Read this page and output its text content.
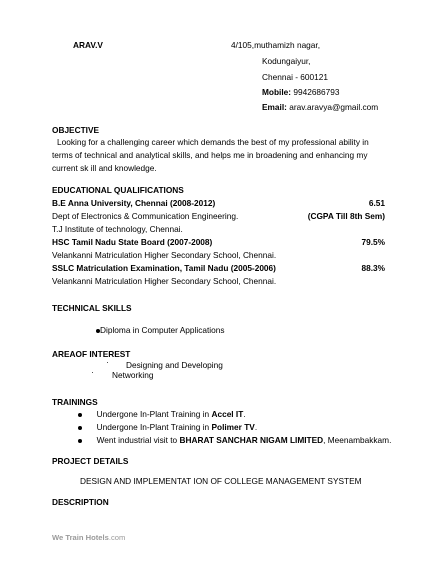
ARAV.V	4/105,muthamizh nagar,
Kodungaiyur,
Chennai - 600121
Mobile: 9942686793
Email: arav.aravya@gmail.com
OBJECTIVE
Looking for a challenging career which demands the best of my professional ability in terms of technical and analytical skills, and helps me in broadening and enhancing my current sk ill and knowledge.
EDUCATIONAL QUALIFICATIONS
B.E Anna University, Chennai (2008-2012)	6.51
Dept of Electronics & Communication Engineering.	(CGPA Till 8th Sem)
T.J Institute of technology, Chennai.
HSC Tamil Nadu State Board (2007-2008)	79.5%
Velankanni Matriculation Higher Secondary School, Chennai.
SSLC Matriculation Examination, Tamil Nadu (2005-2006)	88.3%
Velankanni Matriculation Higher Secondary School, Chennai.
TECHNICAL SKILLS
Diploma in Computer Applications
AREAOF INTEREST
· Designing and Developing
· Networking
TRAININGS
Undergone In-Plant Training in Accel IT.
Undergone In-Plant Training in Polimer TV.
Went industrial visit to BHARAT SANCHAR NIGAM LIMITED, Meenambakkam.
PROJECT DETAILS
DESIGN AND IMPLEMENTAT ION OF COLLEGE MANAGEMENT SYSTEM
DESCRIPTION
We Train Hotels.com
